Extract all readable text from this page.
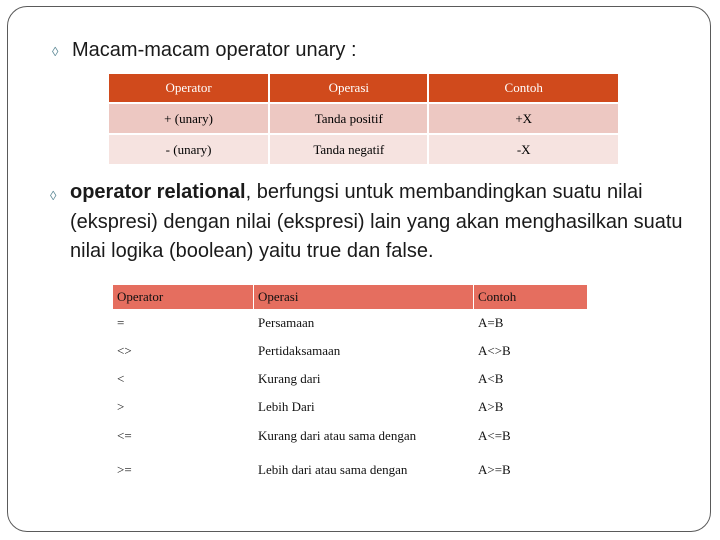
◊ Macam-macam operator unary :
Operator	Operasi	Contoh
+ (unary)	Tanda positif	+X
- (unary)	Tanda negatif	-X
◊ operator relational, berfungsi untuk membandingkan suatu nilai (ekspresi) dengan nilai (ekspresi) lain yang akan menghasilkan suatu nilai logika (boolean) yaitu true dan false.
Operator	Operasi	Contoh
=	Persamaan	A=B
<>	Pertidaksamaan	A<>B
<	Kurang dari	A<B
>	Lebih Dari	A>B
<=	Kurang dari atau sama dengan	A<=B
>=	Lebih dari atau sama dengan	A>=B
